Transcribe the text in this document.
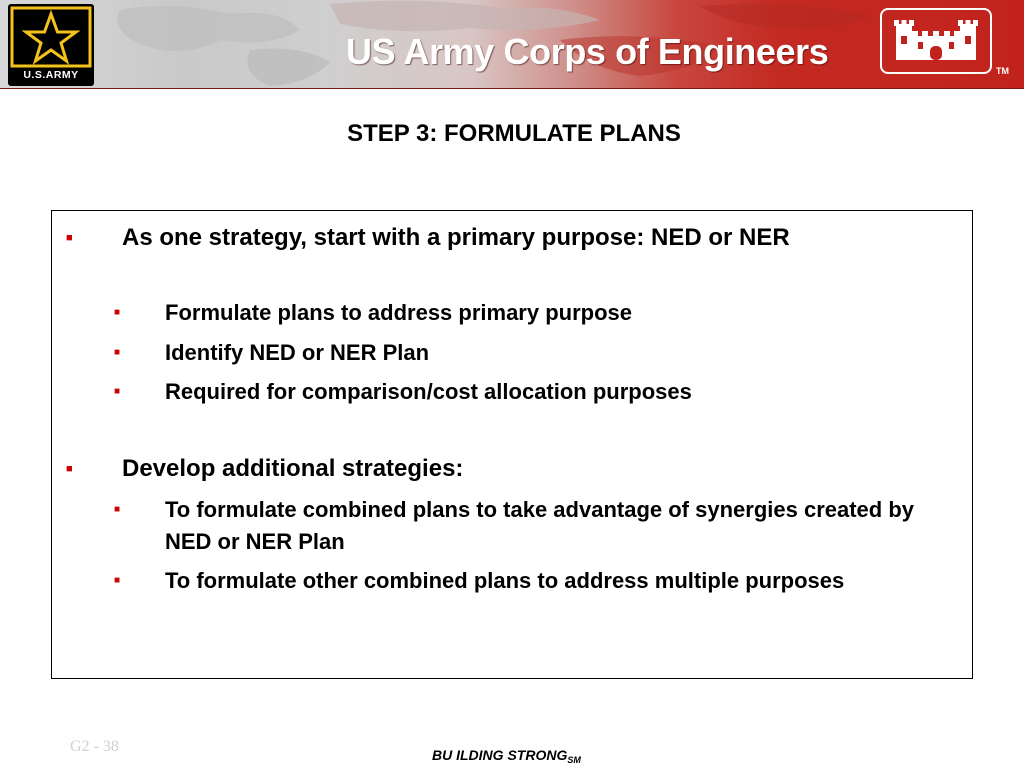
U.S.ARMY
US Army Corps of Engineers	TM
STEP 3: FORMULATE PLANS
■ As one strategy, start with a primary purpose: NED or NER
■ Formulate plans to address primary purpose
■ Identify NED or NER Plan
■ Required for comparison/cost allocation purposes
■ Develop additional strategies:
■ To formulate combined plans to take advantage of synergies created by NED or NER Plan
■ To formulate other combined plans to address multiple purposes
G2 - 38	BU ILDING $STRONG_{SM}$
